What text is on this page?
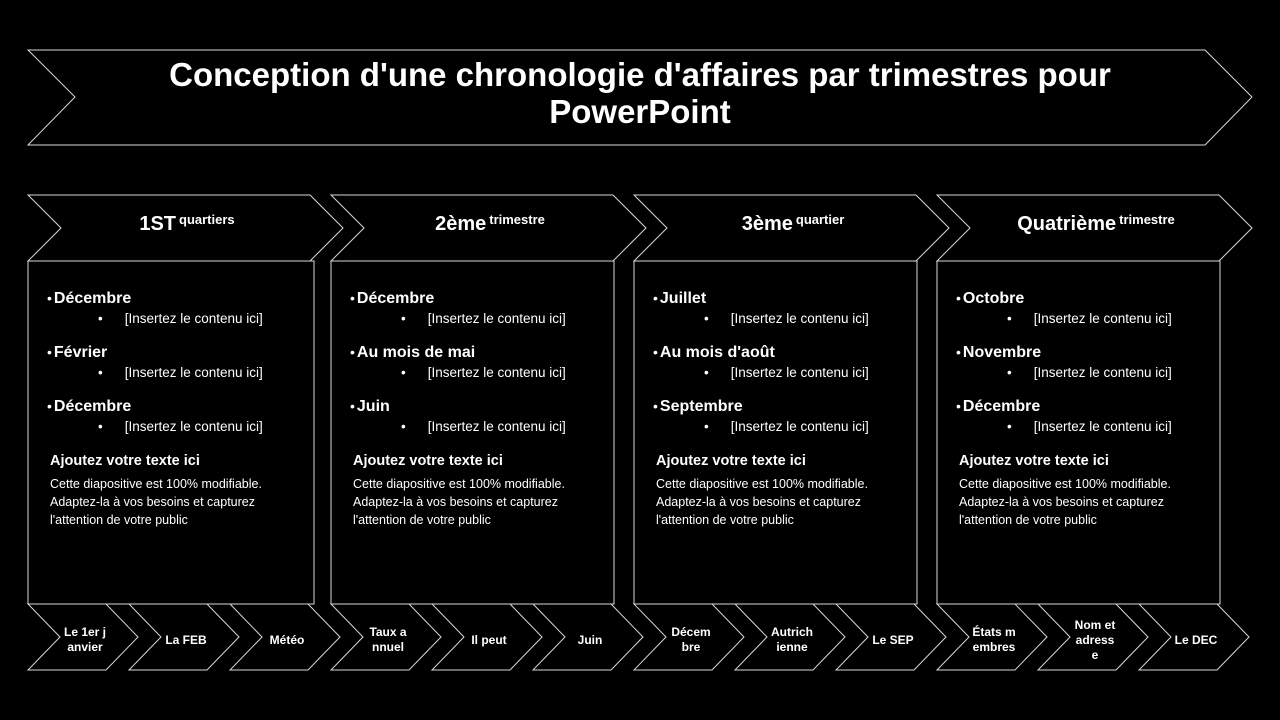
Conception d'une chronologie d'affaires par trimestres pour PowerPoint
1ST $^{quartiers}$	2ème $^{trimestre}$	3ème $^{quartier}$	Quatrième $^{trimestre}$
• Décembre
• [Insertez le contenu ici]
• Février
• [Insertez le contenu ici]
• Décembre
• [Insertez le contenu ici]
Ajoutez votre texte ici
Cette diapositive est 100% modifiable. Adaptez-la à vos besoins et capturez l'attention de votre public
• Décembre
• [Insertez le contenu ici]
• Au mois de mai
• [Insertez le contenu ici]
• Juin
• [Insertez le contenu ici]
Ajoutez votre texte ici
Cette diapositive est 100% modifiable. Adaptez-la à vos besoins et capturez l'attention de votre public
• Juillet
• [Insertez le contenu ici]
• Au mois d'août
• [Insertez le contenu ici]
• Septembre
• [Insertez le contenu ici]
Ajoutez votre texte ici
Cette diapositive est 100% modifiable. Adaptez-la à vos besoins et capturez l'attention de votre public
• Octobre
• [Insertez le contenu ici]
• Novembre
• [Insertez le contenu ici]
• Décembre
• [Insertez le contenu ici]
Ajoutez votre texte ici
Cette diapositive est 100% modifiable. Adaptez-la à vos besoins et capturez l'attention de votre public
Le 1er janvier
La FEB	Météo
Taux annuel
Il peut	Juin
Décembre
Autrichienne
Le SEP
États membres
Nom et adresse
Le DEC
